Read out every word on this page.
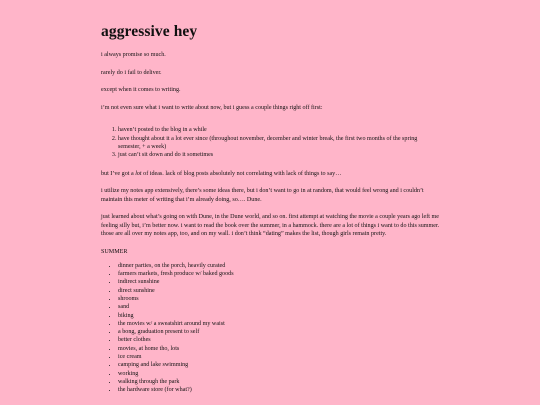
aggressive hey

i always promise so much.

rarely do i fail to deliver.

except when it comes to writing.

i’m not even sure what i want to write about now, but i guess a couple things right off first:

1. haven’t posted to the blog in a while
2. have thought about it a lot ever since (throughout november, december and winter break, the first two months of the spring semester, + a week)
3. just can’t sit down and do it sometimes

but I’ve got a lot of ideas. lack of blog posts absolutely not correlating with lack of things to say…

i utilize my notes app extensively, there’s some ideas there, but i don’t want to go in at random, that would feel wrong and i couldn’t maintain this meter of writing that i’m already doing, so…. Dune.

just learned about what’s going on with Dune, in the Dune world, and so on. first attempt at watching the movie a couple years ago left me feeling silly but, i’m better now. i want to read the book over the summer, in a hammock. there are a lot of things i want to do this summer. those are all over my notes app, too, and on my wall. i don’t think “dating” makes the list, though girls remain pretty.

SUMMER

• dinner parties, on the porch, heavily curated
• farmers markets, fresh produce w/ baked goods
• indirect sunshine
• direct sunshine
• shrooms
• sand
• biking
• the movies w/ a sweatshirt around my waist
• a bong, graduation present to self
• better clothes
• movies, at home tho, lots
• ice cream
• camping and lake swimming
• working
• walking through the park
• the hardware store (for what?)
